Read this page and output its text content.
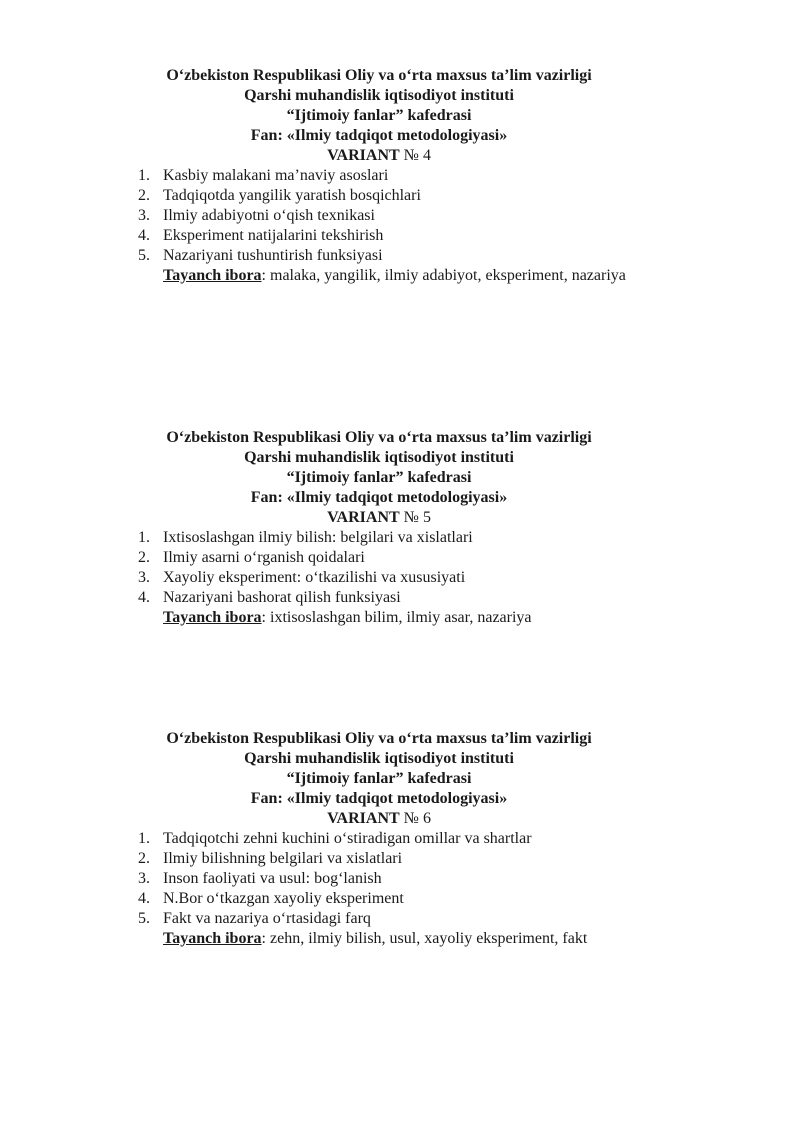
O‘zbekiston Respublikasi Oliy va o‘rta maxsus ta’lim vazirligi
Qarshi muhandislik iqtisodiyot instituti
“Ijtimoiy fanlar” kafedrasi
Fan: «Ilmiy tadqiqot metodologiyasi»
VARIANT № 4
1. Kasbiy malakani ma’naviy asoslari
2. Tadqiqotda yangilik yaratish bosqichlari
3. Ilmiy adabiyotni o‘qish texnikasi
4. Eksperiment natijalarini tekshirish
5. Nazariyani tushuntirish funksiyasi
Tayanch ibora: malaka, yangilik, ilmiy adabiyot, eksperiment, nazariya
O‘zbekiston Respublikasi Oliy va o‘rta maxsus ta’lim vazirligi
Qarshi muhandislik iqtisodiyot instituti
“Ijtimoiy fanlar” kafedrasi
Fan: «Ilmiy tadqiqot metodologiyasi»
VARIANT № 5
1. Ixtisoslashgan ilmiy bilish: belgilari va xislatlari
2. Ilmiy asarni o‘rganish qoidalari
3. Xayoliy eksperiment: o‘tkazilishi va xususiyati
4. Nazariyani bashorat qilish funksiyasi
Tayanch ibora: ixtisoslashgan bilim, ilmiy asar, nazariya
O‘zbekiston Respublikasi Oliy va o‘rta maxsus ta’lim vazirligi
Qarshi muhandislik iqtisodiyot instituti
“Ijtimoiy fanlar” kafedrasi
Fan: «Ilmiy tadqiqot metodologiyasi»
VARIANT № 6
1. Tadqiqotchi zehni kuchini o‘stiradigan omillar va shartlar
2. Ilmiy bilishning belgilari va xislatlari
3. Inson faoliyati va usul: bog‘lanish
4. N.Bor o‘tkazgan xayoliy eksperiment
5. Fakt va nazariya o‘rtasidagi farq
Tayanch ibora: zehn, ilmiy bilish, usul, xayoliy eksperiment, fakt
